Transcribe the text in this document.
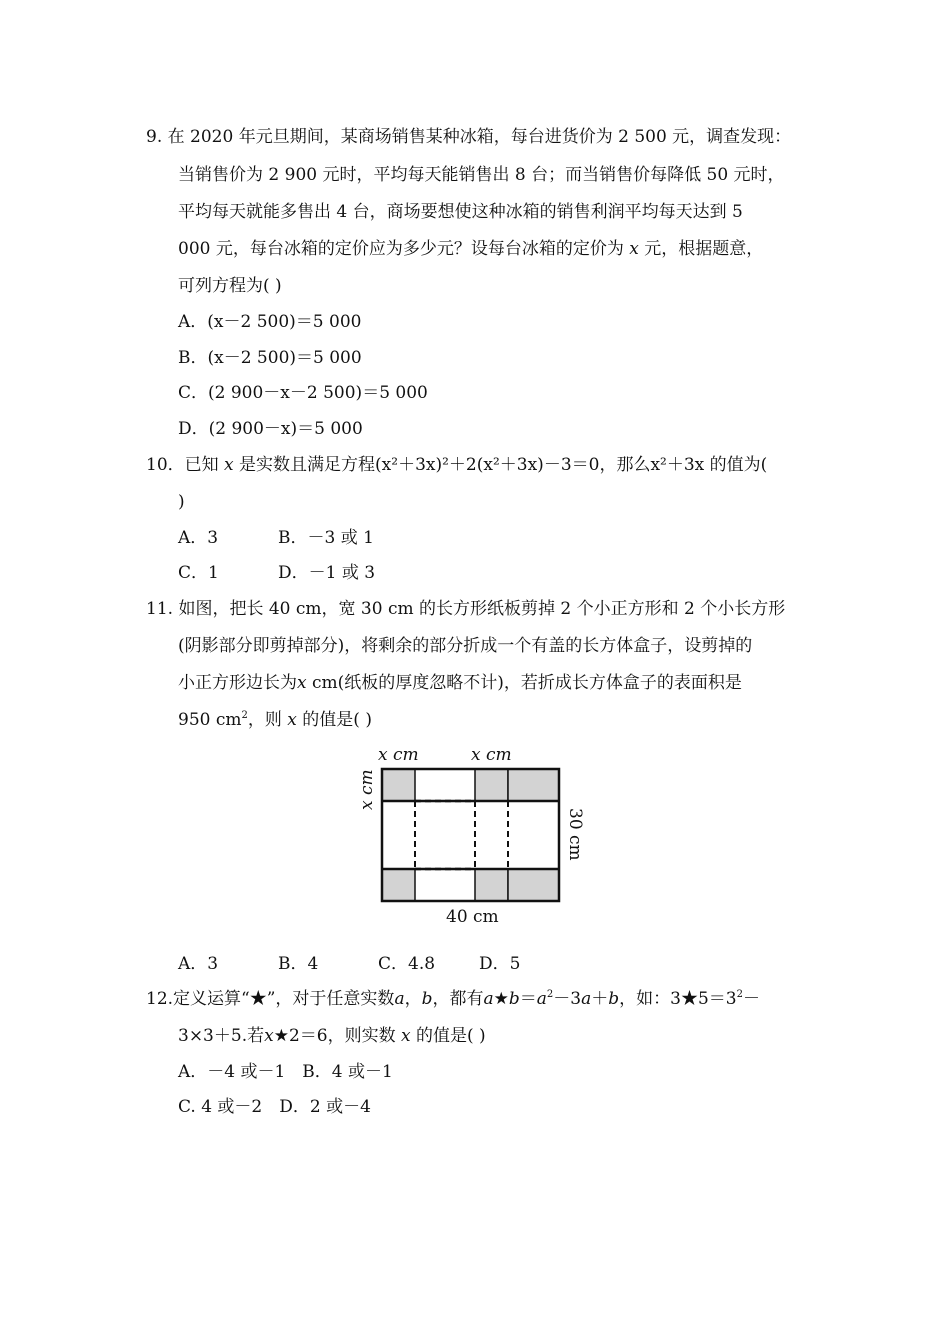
9. 在 2020 年元旦期间，某商场销售某种冰箱，每台进货价为 2 500 元，调查发现：
当销售价为 2 900 元时，平均每天能销售出 8 台；而当销售价每降低 50 元时，
平均每天就能多售出 4 台，商场要想使这种冰箱的销售利润平均每天达到 5
000 元，每台冰箱的定价应为多少元？设每台冰箱的定价为 x 元，根据题意，
可列方程为( )
A．(x－2 500)＝5 000
B．(x－2 500)＝5 000
C．(2 900－x－2 500)＝5 000
D．(2 900－x)＝5 000
10．已知 x 是实数且满足方程(x²＋3x)²＋2(x²＋3x)－3＝0，那么x²＋3x 的值为(
)
A．3	B．－3 或 1
C．1	D．－1 或 3
11. 如图，把长 40 cm，宽 30 cm 的长方形纸板剪掉 2 个小正方形和 2 个小长方形
(阴影部分即剪掉部分)，将剩余的部分折成一个有盖的长方体盒子，设剪掉的
小正方形边长为x cm(纸板的厚度忽略不计)，若折成长方体盒子的表面积是
950 $cm^2$，则 x 的值是( )
x cm	x cm
x cm
30 cm
40 cm
A．3	B．4	C．4.8	D．5
12.定义运算“★”，对于任意实数a，b，都有$a★b=a^2-3a+b$，如：$3★5=3^2-$
3×3＋5.若x★2＝6，则实数 x 的值是( )
A．－4 或－1　B．4 或－1
C. 4 或－2　D．2 或－4
